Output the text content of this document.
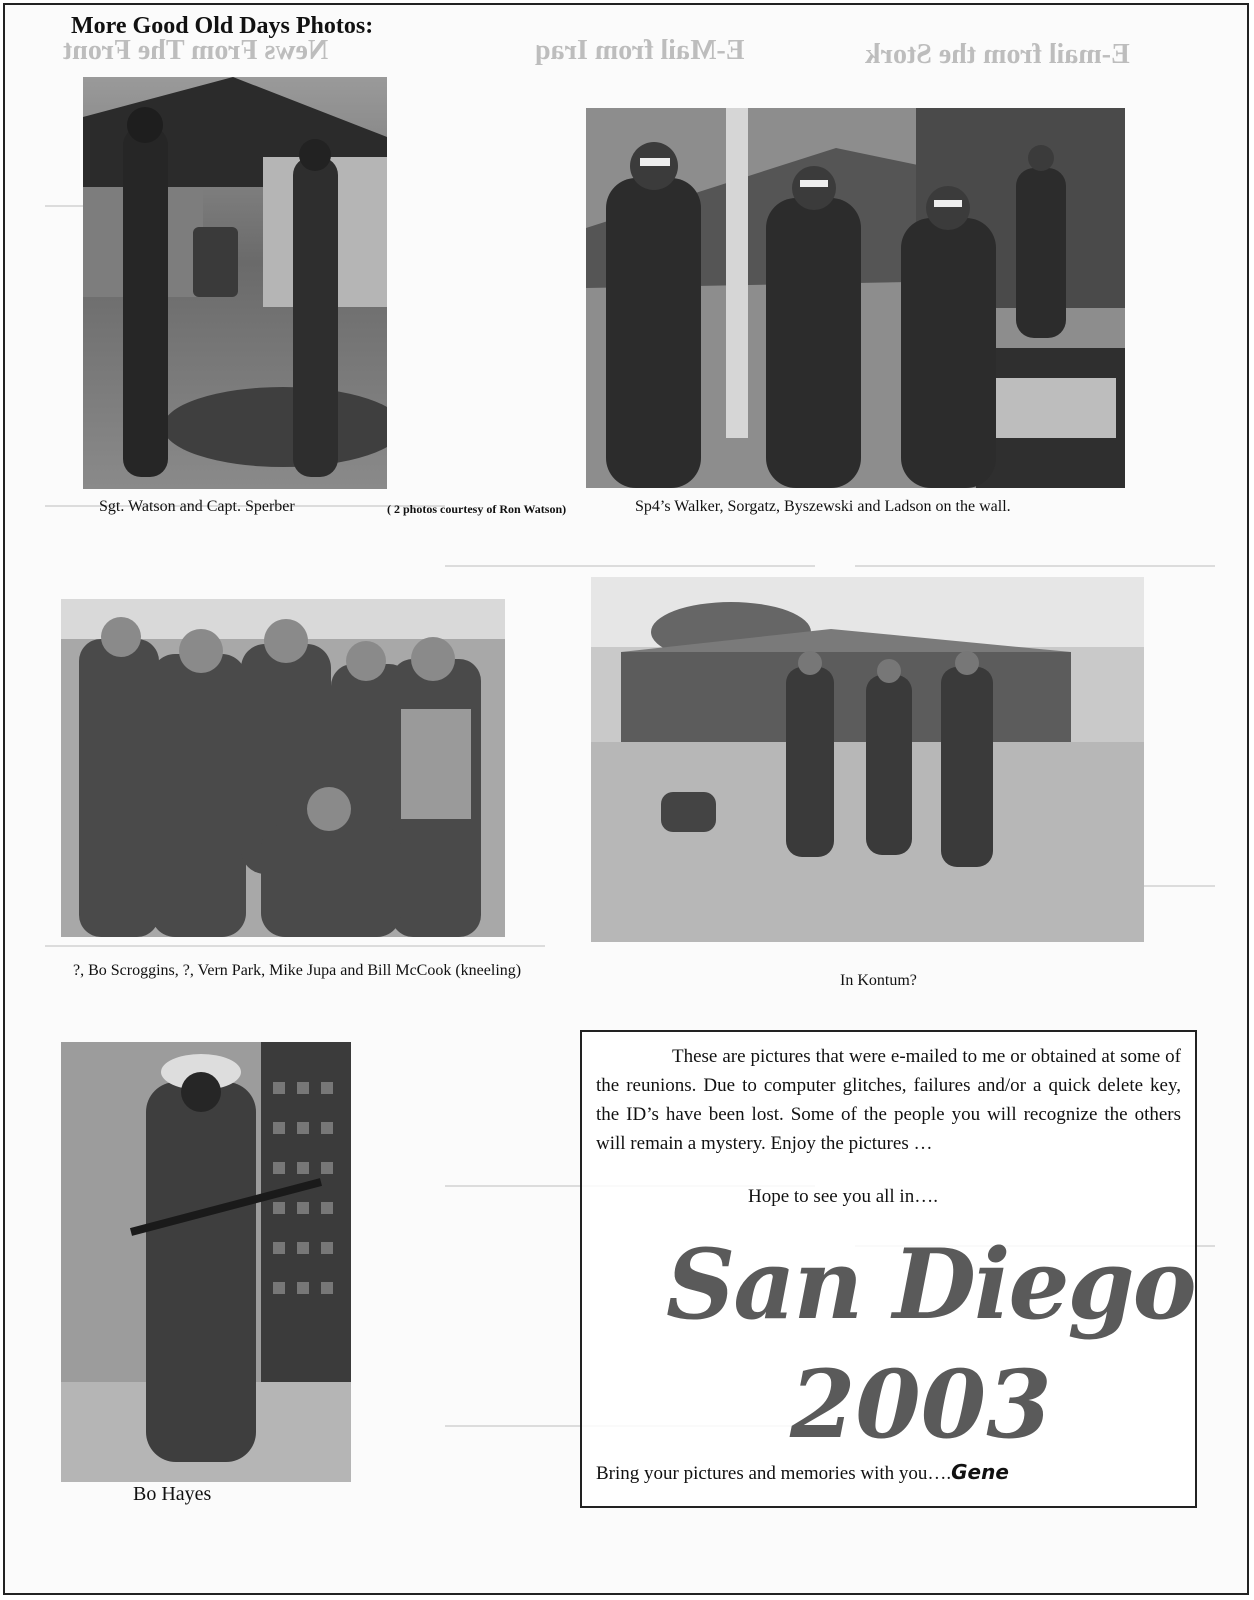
News From The Front	E-Mail from Iraq	E-mail from the Stork
More Good Old Days Photos:
Sgt. Watson and Capt. Sperber	( 2 photos courtesy of Ron Watson)	Sp4’s Walker, Sorgatz, Byszewski and Ladson on the wall.
?, Bo Scroggins, ?, Vern Park, Mike Jupa and Bill McCook (kneeling)
In Kontum?
Bo Hayes
These are pictures that were e-mailed to me or obtained at some of the reunions. Due to computer glitches, failures and/or a quick delete key, the ID’s have been lost. Some of the people you will recognize the others will remain a mystery. Enjoy the pictures …
Hope to see you all in….
San Diego
2003
Bring your pictures and memories with you….Gene
